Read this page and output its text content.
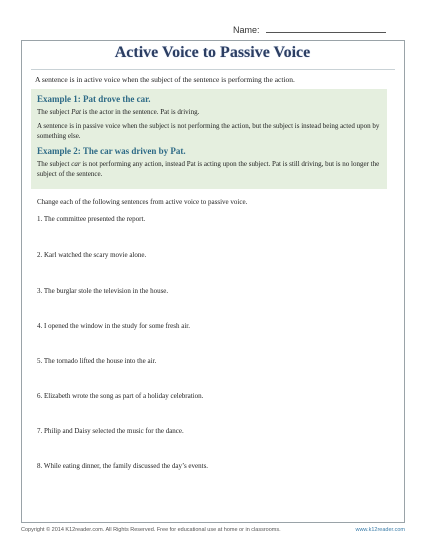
Name:
Active Voice to Passive Voice
A sentence is in active voice when the subject of the sentence is performing the action.

Example 1: Pat drove the car.

The subject Pat is the actor in the sentence. Pat is driving.

A sentence is in passive voice when the subject is not performing the action, but the subject is instead being acted upon by something else.

Example 2: The car was driven by Pat.

The subject car is not performing any action, instead Pat is acting upon the subject. Pat is still driving, but is no longer the subject of the sentence.

Change each of the following sentences from active voice to passive voice.
1. The committee presented the report.
2. Karl watched the scary movie alone.
3. The burglar stole the television in the house.
4. I opened the window in the study for some fresh air.
5. The tornado lifted the house into the air.
6. Elizabeth wrote the song as part of a holiday celebration.
7. Philip and Daisy selected the music for the dance.
8. While eating dinner, the family discussed the day’s events.
Copyright © 2014 K12reader.com. All Rights Reserved. Free for educational use at home or in classrooms.	www.k12reader.com
